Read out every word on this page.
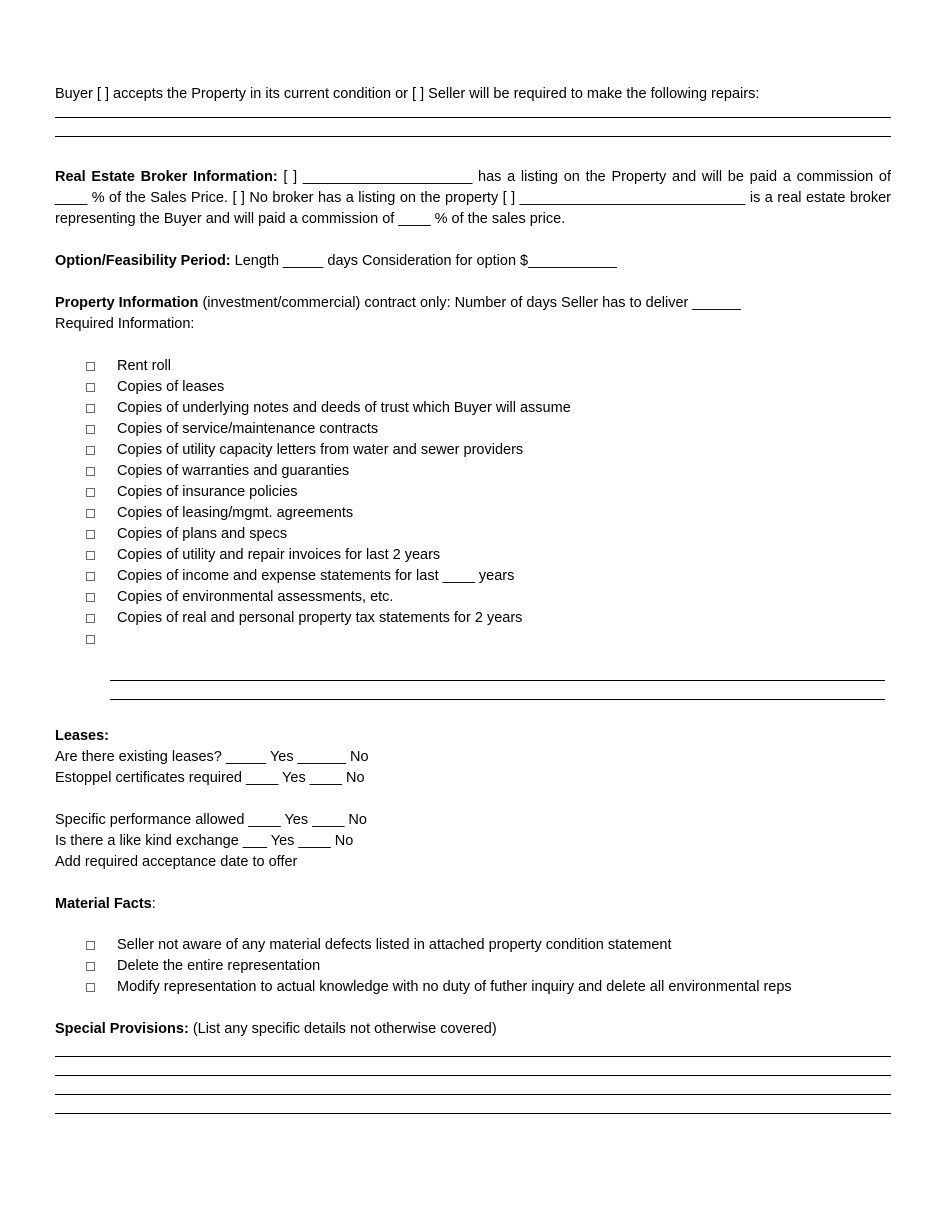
Buyer [ ] accepts the Property in its current condition or [ ] Seller will be required to make the following repairs:

Real Estate Broker Information: [ ] _____________________ has a listing on the Property and will be paid a commission of ____ % of the Sales Price. [ ] No broker has a listing on the property [ ] ____________________________ is a real estate broker representing the Buyer and will paid a commission of ____ % of the sales price.

Option/Feasibility Period: Length _____ days Consideration for option $___________

Property Information (investment/commercial) contract only: Number of days Seller has to deliver ______

Required Information:

Rent roll
Copies of leases
Copies of underlying notes and deeds of trust which Buyer will assume
Copies of service/maintenance contracts
Copies of utility capacity letters from water and sewer providers
Copies of warranties and guaranties
Copies of insurance policies
Copies of leasing/mgmt. agreements
Copies of plans and specs
Copies of utility and repair invoices for last 2 years
Copies of income and expense statements for last ____ years
Copies of environmental assessments, etc.
Copies of real and personal property tax statements for 2 years

Leases:

Are there existing leases? _____ Yes ______ No

Estoppel certificates required ____ Yes ____ No

Specific performance allowed ____ Yes ____ No

Is there a like kind exchange ___ Yes ____ No

Add required acceptance date to offer

Material Facts:

Seller not aware of any material defects listed in attached property condition statement
Delete the entire representation
Modify representation to actual knowledge with no duty of futher inquiry and delete all environmental reps

Special Provisions: (List any specific details not otherwise covered)
